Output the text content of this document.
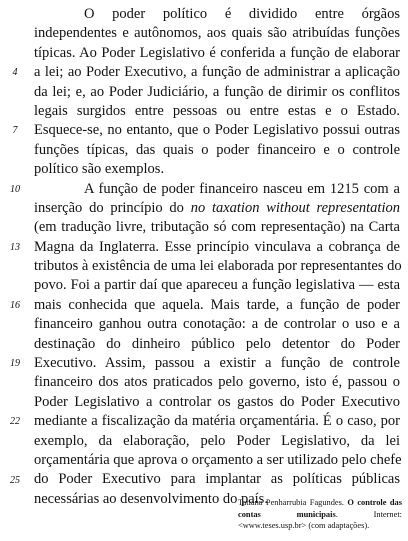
4
7
10
13
16
19
22
25
O poder político é dividido entre órgãos
independentes e autônomos, aos quais são atribuídas funções
típicas. Ao Poder Legislativo é conferida a função de elaborar
a lei; ao Poder Executivo, a função de administrar a aplicação
da lei; e, ao Poder Judiciário, a função de dirimir os conflitos
legais surgidos entre pessoas ou entre estas e o Estado.
Esquece-se, no entanto, que o Poder Legislativo possui outras
funções típicas, das quais o poder financeiro e o controle
político são exemplos.
A função de poder financeiro nasceu em 1215 com a
inserção do princípio do no taxation without representation
(em tradução livre, tributação só com representação) na Carta
Magna da Inglaterra. Esse princípio vinculava a cobrança de
tributos à existência de uma lei elaborada por representantes do
povo. Foi a partir daí que apareceu a função legislativa — esta
mais conhecida que aquela. Mais tarde, a função de poder
financeiro ganhou outra conotação: a de controlar o uso e a
destinação do dinheiro público pelo detentor do Poder
Executivo. Assim, passou a existir a função de controle
financeiro dos atos praticados pelo governo, isto é, passou o
Poder Legislativo a controlar os gastos do Poder Executivo
mediante a fiscalização da matéria orçamentária. É o caso, por
exemplo, da elaboração, pelo Poder Legislativo, da lei
orçamentária que aprova o orçamento a ser utilizado pelo chefe
do Poder Executivo para implantar as políticas públicas
necessárias ao desenvolvimento do país.
Tatiana Penharrubia Fagundes. O controle das contas municipais. Internet: <www.teses.usp.br> (com adaptações).
